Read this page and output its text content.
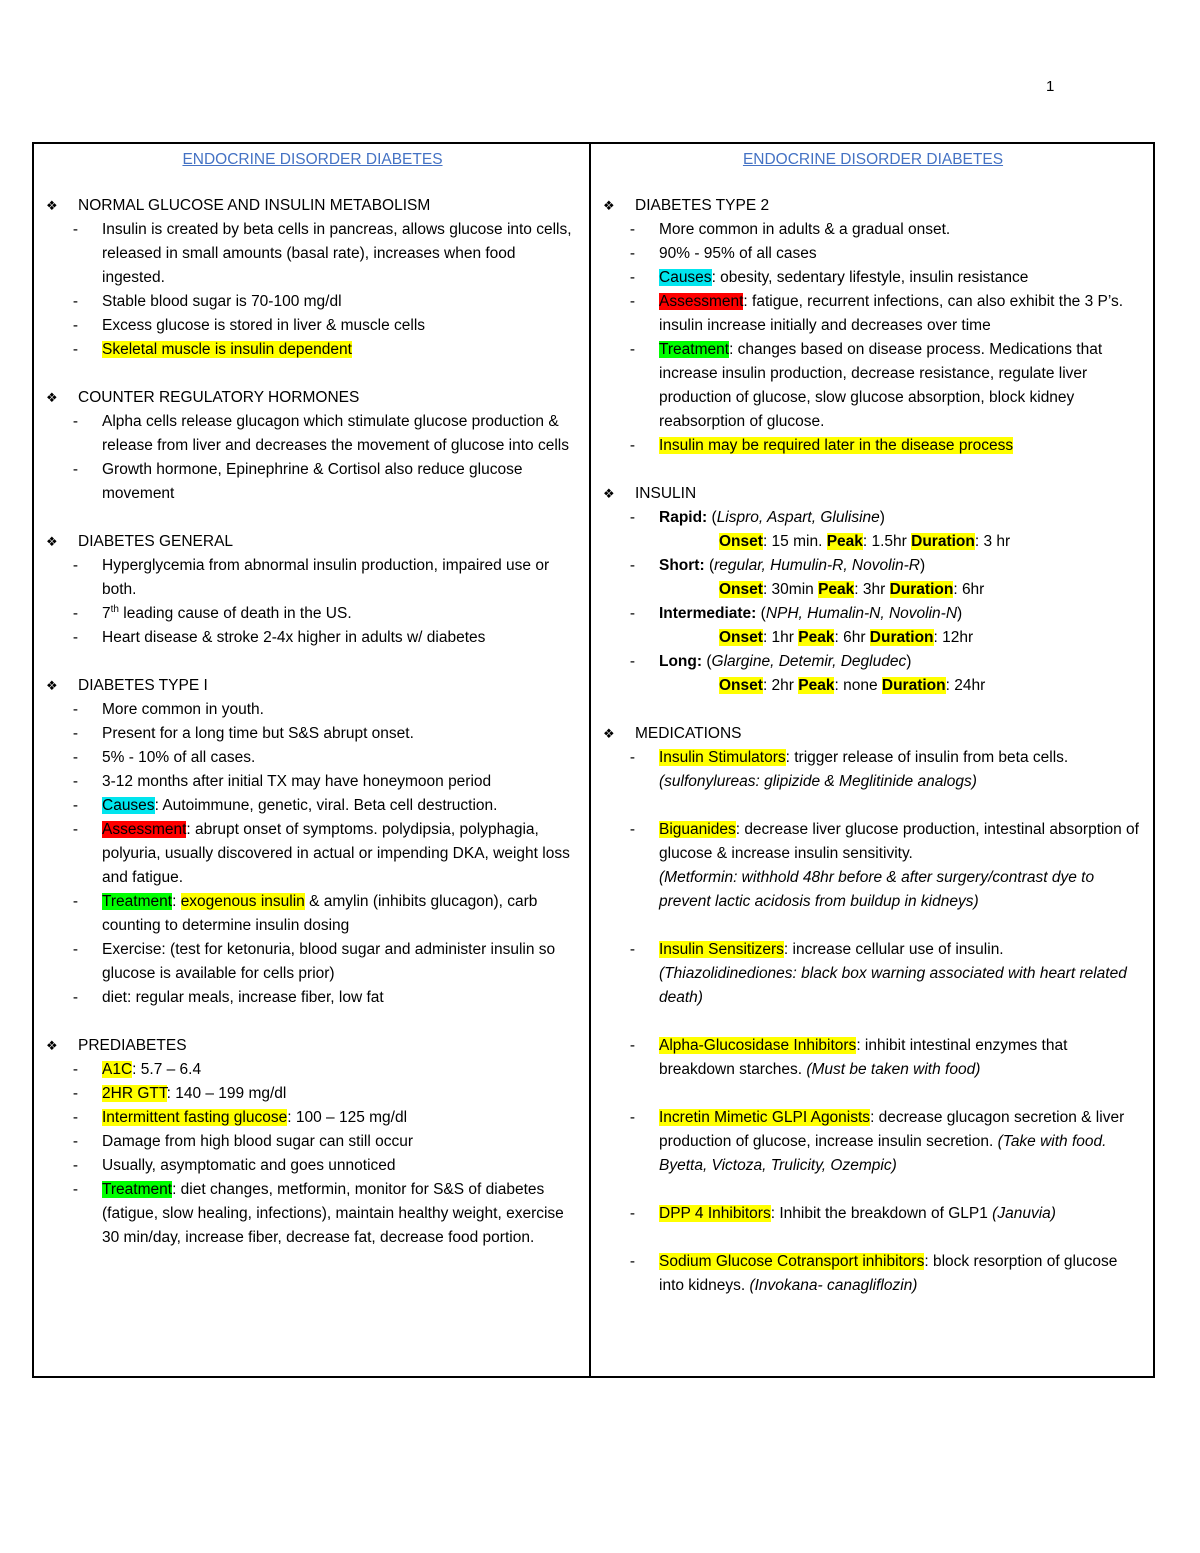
1
ENDOCRINE DISORDER DIABETES
❖	NORMAL GLUCOSE AND INSULIN METABOLISM
-	Insulin is created by beta cells in pancreas, allows glucose into cells, released in small amounts (basal rate), increases when food ingested.
-	Stable blood sugar is 70-100 mg/dl
-	Excess glucose is stored in liver & muscle cells
-	Skeletal muscle is insulin dependent
❖	COUNTER REGULATORY HORMONES
-	Alpha cells release glucagon which stimulate glucose production & release from liver and decreases the movement of glucose into cells
-	Growth hormone, Epinephrine & Cortisol also reduce glucose movement
❖	DIABETES GENERAL
-	Hyperglycemia from abnormal insulin production, impaired use or both.
-	7th leading cause of death in the US.
-	Heart disease & stroke 2-4x higher in adults w/ diabetes
❖	DIABETES TYPE I
-	More common in youth.
-	Present for a long time but S&S abrupt onset.
-	5% - 10% of all cases.
-	3-12 months after initial TX may have honeymoon period
-	Causes: Autoimmune, genetic, viral. Beta cell destruction.
-	Assessment: abrupt onset of symptoms. polydipsia, polyphagia, polyuria, usually discovered in actual or impending DKA, weight loss and fatigue.
-	Treatment: exogenous insulin & amylin (inhibits glucagon), carb counting to determine insulin dosing
-	Exercise: (test for ketonuria, blood sugar and administer insulin so glucose is available for cells prior)
-	diet: regular meals, increase fiber, low fat
❖	PREDIABETES
-	A1C: 5.7 – 6.4
-	2HR GTT: 140 – 199 mg/dl
-	Intermittent fasting glucose: 100 – 125 mg/dl
-	Damage from high blood sugar can still occur
-	Usually, asymptomatic and goes unnoticed
-	Treatment: diet changes, metformin, monitor for S&S of diabetes (fatigue, slow healing, infections), maintain healthy weight, exercise 30 min/day, increase fiber, decrease fat, decrease food portion.
ENDOCRINE DISORDER DIABETES
❖	DIABETES TYPE 2
-	More common in adults & a gradual onset.
-	90% - 95% of all cases
-	Causes: obesity, sedentary lifestyle, insulin resistance
-	Assessment: fatigue, recurrent infections, can also exhibit the 3 P’s. insulin increase initially and decreases over time
-	Treatment: changes based on disease process. Medications that increase insulin production, decrease resistance, regulate liver production of glucose, slow glucose absorption, block kidney reabsorption of glucose.
-	Insulin may be required later in the disease process
❖	INSULIN
-	Rapid: (Lispro, Aspart, Glulisine)
Onset: 15 min. Peak: 1.5hr Duration: 3 hr
-	Short: (regular, Humulin-R, Novolin-R)
Onset: 30min Peak: 3hr Duration: 6hr
-	Intermediate: (NPH, Humalin-N, Novolin-N)
Onset: 1hr Peak: 6hr Duration: 12hr
-	Long: (Glargine, Detemir, Degludec)
Onset: 2hr Peak: none Duration: 24hr
❖	MEDICATIONS
-	Insulin Stimulators: trigger release of insulin from beta cells. (sulfonylureas: glipizide & Meglitinide analogs)
-	Biguanides: decrease liver glucose production, intestinal absorption of glucose & increase insulin sensitivity.
(Metformin: withhold 48hr before & after surgery/contrast dye to prevent lactic acidosis from buildup in kidneys)
-	Insulin Sensitizers: increase cellular use of insulin.
(Thiazolidinediones: black box warning associated with heart related death)
-	Alpha-Glucosidase Inhibitors: inhibit intestinal enzymes that breakdown starches. (Must be taken with food)
-	Incretin Mimetic GLPI Agonists: decrease glucagon secretion & liver production of glucose, increase insulin secretion. (Take with food. Byetta, Victoza, Trulicity, Ozempic)
-	DPP 4 Inhibitors: Inhibit the breakdown of GLP1 (Januvia)
-	Sodium Glucose Cotransport inhibitors: block resorption of glucose into kidneys. (Invokana- canagliflozin)
